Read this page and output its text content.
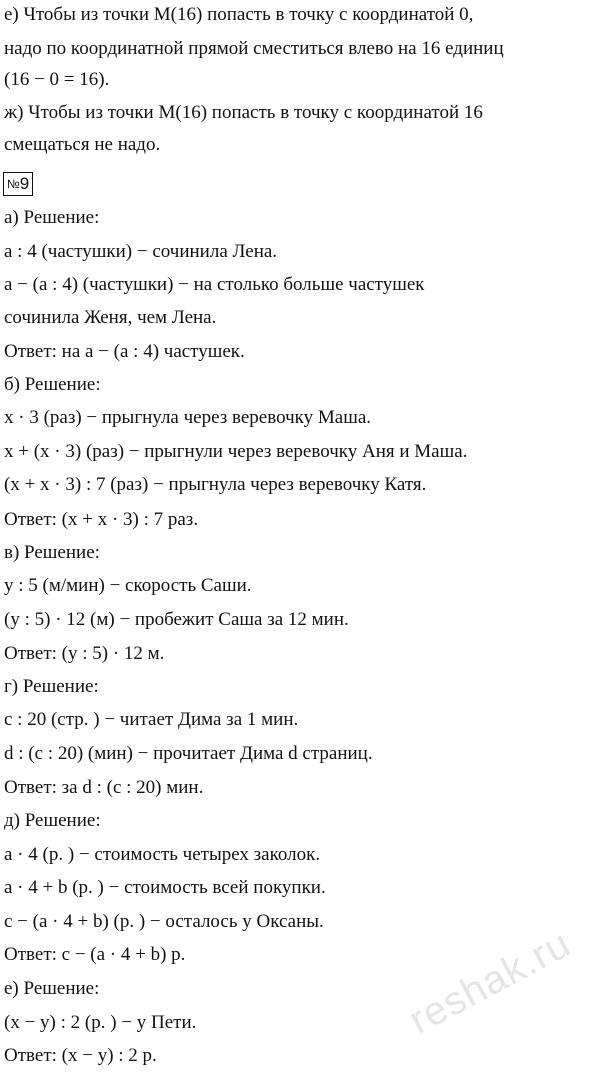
е) Чтобы из точки M(16) попасть в точку с координатой 0,
надо по координатной прямой сместиться влево на 16 единиц
(16 − 0 = 16).
ж) Чтобы из точки M(16) попасть в точку с координатой 16
смещаться не надо.
№9
а) Решение:
a : 4 (частушки) − сочинила Лена.
a − (a : 4) (частушки) − на столько больше частушек
сочинила Женя, чем Лена.
Ответ: на a − (a : 4) частушек.
б) Решение:
x · 3 (раз) − прыгнула через веревочку Маша.
x + (x · 3) (раз) − прыгнули через веревочку Аня и Маша.
(x + x · 3) : 7 (раз) − прыгнула через веревочку Катя.
Ответ: (x + x · 3) : 7 раз.
в) Решение:
y : 5 (м/мин) − скорость Саши.
(y : 5) · 12 (м) − пробежит Саша за 12 мин.
Ответ: (y : 5) · 12 м.
г) Решение:
c : 20 (стр. ) − читает Дима за 1 мин.
d : (c : 20) (мин) − прочитает Дима d страниц.
Ответ: за d : (c : 20) мин.
д) Решение:
a · 4 (р. ) − стоимость четырех заколок.
a · 4 + b (р. ) − стоимость всей покупки.
c − (a · 4 + b) (р. ) − осталось у Оксаны.
Ответ: c − (a · 4 + b) р.
е) Решение:
(x − y) : 2 (р. ) − у Пети.
Ответ: (x − y) : 2 р.
reshak.ru
